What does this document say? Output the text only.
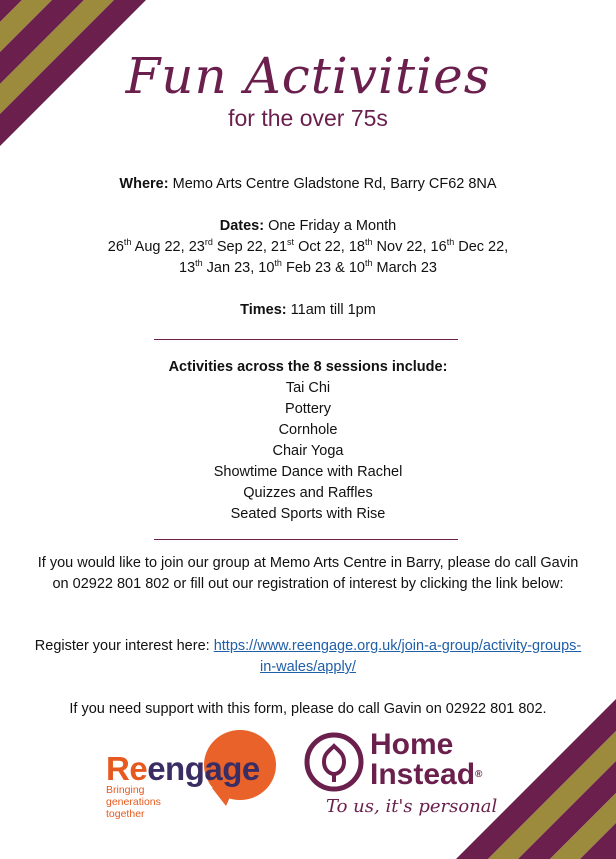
Fun Activities
for the over 75s
Where: Memo Arts Centre Gladstone Rd, Barry CF62 8NA
Dates: One Friday a Month
26th Aug 22, 23rd Sep 22, 21st Oct 22, 18th Nov 22, 16th Dec 22,
13th Jan 23, 10th Feb 23 & 10th March 23
Times: 11am till 1pm
Activities across the 8 sessions include:
Tai Chi
Pottery
Cornhole
Chair Yoga
Showtime Dance with Rachel
Quizzes and Raffles
Seated Sports with Rise
If you would like to join our group at Memo Arts Centre in Barry, please do call Gavin on 02922 801 802 or fill out our registration of interest by clicking the link below:
Register your interest here: https://www.reengage.org.uk/join-a-group/activity-groups-in-wales/apply/
If you need support with this form, please do call Gavin on 02922 801 802.
Reengage
Bringing
generations
together
Home
Instead®
To us, it's personal
